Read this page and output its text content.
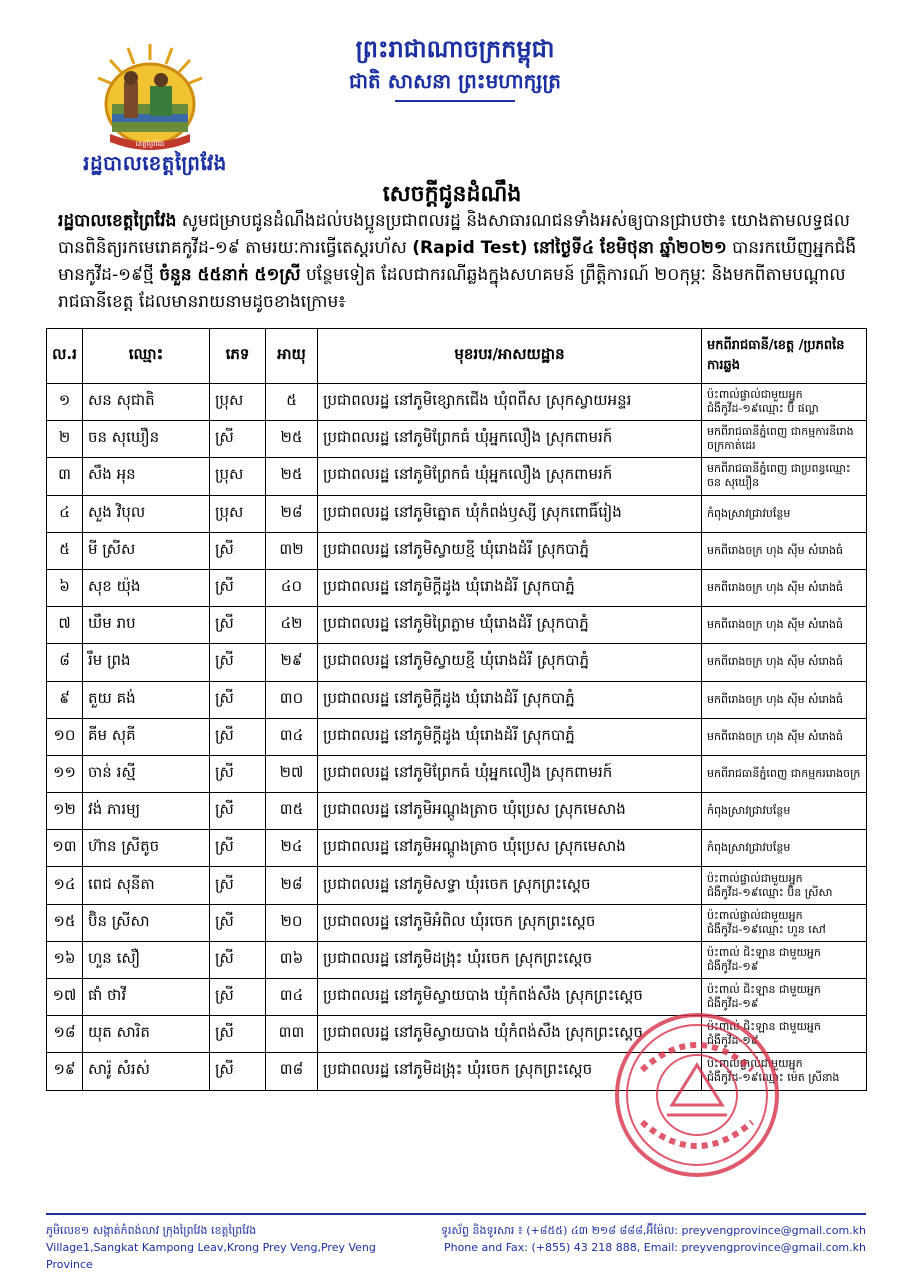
ខេត្តព្រៃវែង
រដ្ឋបាលខេត្តព្រៃវែង
ព្រះរាជាណាចក្រកម្ពុជា
ជាតិ សាសនា ព្រះមហាក្សត្រ
សេចក្ដីជូនដំណឹង
រដ្ឋបាលខេត្តព្រៃវែង សូមជម្រាបជូនដំណឹងដល់បងប្អូនប្រជាពលរដ្ឋ និងសាធារណជនទាំងអស់ឲ្យបានជ្រាបថា៖ យោងតាមលទ្ធផលបានពិនិត្យរកមេរោគកូវីដ-១៩ តាមរយៈការធ្វើតេស្តរហ័ស (Rapid Test) នៅថ្ងៃទី៤ ខែមិថុនា ឆ្នាំ២០២១ បានរកឃើញអ្នកជំងឺមានកូវីដ-១៩ថ្មី ចំនួន ៥៥នាក់ ៥១ស្រី បន្ថែមទៀត ដែលជាករណីឆ្លងក្នុងសហគមន៍ ព្រឹត្តិការណ៍ ២០កុម្ភៈ និងមកពីតាមបណ្ដាលរាជធានីខេត្ត ដែលមានរាយនាមដូចខាងក្រោម៖
ល.រ	ឈ្មោះ	ភេទ	អាយុ	មុខរបរ/អាសយដ្ឋាន	មកពីរាជធានី/ខេត្ត /ប្រភពនៃការឆ្លង
១	សន សុជាតិ	ប្រុស	៥	ប្រជាពលរដ្ឋ នៅភូមិខ្សោកជើង ឃុំពពឹស ស្រុកស្វាយអន្ទរ	ប៉ះពាល់ផ្ទាល់ជាមួយអ្នកជំងឺកូវីដ-១៩ឈ្មោះ ប៊ី ផល្លា
២	ចន សុឃឿន	ស្រី	២៥	ប្រជាពលរដ្ឋ នៅភូមិព្រែកធំ ឃុំអ្នកលឿង ស្រុកពាមរក៍	មកពីរាជធានីភ្នំពេញ ជាកម្មការនីរោងចក្រកាត់ដេរ
៣	សឹង អុន	ប្រុស	២៥	ប្រជាពលរដ្ឋ នៅភូមិព្រែកធំ ឃុំអ្នកលឿង ស្រុកពាមរក៍	មកពីរាជធានីភ្នំពេញ ជាប្រពន្ធឈ្មោះ ចន សុឃឿន
៤	សួង វិបុល	ប្រុស	២៨	ប្រជាពលរដ្ឋ នៅភូមិត្នោត ឃុំកំពង់ឫស្សី ស្រុកពោធិ៍រៀង	កំពុងស្រាវជ្រាវបន្ថែម
៥	មី ស្រីស	ស្រី	៣២	ប្រជាពលរដ្ឋ នៅភូមិស្វាយខ្មី ឃុំរោងដំរី ស្រុកបាភ្នំ	មកពីរោងចក្រ ហុង ស៊ីម សំរោងធំ
៦	សុខ យ៉ុង	ស្រី	៤០	ប្រជាពលរដ្ឋ នៅភូមិក្ដីដូង ឃុំរោងដំរី ស្រុកបាភ្នំ	មកពីរោងចក្រ ហុង ស៊ីម សំរោងធំ
៧	ឃឹម រាប	ស្រី	៤២	ប្រជាពលរដ្ឋ នៅភូមិព្រៃភ្លាម ឃុំរោងដំរី ស្រុកបាភ្នំ	មកពីរោងចក្រ ហុង ស៊ីម សំរោងធំ
៨	រឹម ព្រង	ស្រី	២៩	ប្រជាពលរដ្ឋ នៅភូមិស្វាយខ្មី ឃុំរោងដំរី ស្រុកបាភ្នំ	មកពីរោងចក្រ ហុង ស៊ីម សំរោងធំ
៩	តួយ គង់	ស្រី	៣០	ប្រជាពលរដ្ឋ នៅភូមិក្ដីដូង ឃុំរោងដំរី ស្រុកបាភ្នំ	មកពីរោងចក្រ ហុង ស៊ីម សំរោងធំ
១០	គីម សុគី	ស្រី	៣៤	ប្រជាពលរដ្ឋ នៅភូមិក្ដីដូង ឃុំរោងដំរី ស្រុកបាភ្នំ	មកពីរោងចក្រ ហុង ស៊ីម សំរោងធំ
១១	ចាន់ រស្មី	ស្រី	២៧	ប្រជាពលរដ្ឋ នៅភូមិព្រែកធំ ឃុំអ្នកលឿង ស្រុកពាមរក៍	មកពីរាជធានីភ្នំពេញ ជាកម្មកររោងចក្រ
១២	វង់ ភារម្យ	ស្រី	៣៥	ប្រជាពលរដ្ឋ នៅភូមិអណ្ដូងត្រាច ឃុំប្រេស ស្រុកមេសាង	កំពុងស្រាវជ្រាវបន្ថែម
១៣	ហ៊ាន ស្រីតូច	ស្រី	២៤	ប្រជាពលរដ្ឋ នៅភូមិអណ្ដូងត្រាច ឃុំប្រេស ស្រុកមេសាង	កំពុងស្រាវជ្រាវបន្ថែម
១៤	ពេជ សុនីតា	ស្រី	២៨	ប្រជាពលរដ្ឋ នៅភូមិសទ្វា ឃុំរចេក ស្រុកព្រះស្ដេច	ប៉ះពាល់ផ្ទាល់ជាមួយអ្នកជំងឺកូវីដ-១៩ឈ្មោះ ប៊ិន ស្រីសា
១៥	ប៊ិន ស្រីសា	ស្រី	២០	ប្រជាពលរដ្ឋ នៅភូមិអំពិល ឃុំរចេក ស្រុកព្រះស្ដេច	ប៉ះពាល់ផ្ទាល់ជាមួយអ្នកជំងឺកូវីដ-១៩ឈ្មោះ ហួន សៅ
១៦	ហួន សឿ	ស្រី	៣៦	ប្រជាពលរដ្ឋ នៅភូមិដង្រុះ ឃុំរចេក ស្រុកព្រះស្ដេច	ប៉ះពាល់ ជិះឡាន ជាមួយអ្នកជំងឺកូវីដ-១៩
១៧	ផាំ ថាវី	ស្រី	៣៤	ប្រជាពលរដ្ឋ នៅភូមិស្វាយបាង ឃុំកំពង់សឹង ស្រុកព្រះស្ដេច	ប៉ះពាល់ ជិះឡាន ជាមួយអ្នកជំងឺកូវីដ-១៩
១៨	យុត សារិត	ស្រី	៣៣	ប្រជាពលរដ្ឋ នៅភូមិស្វាយបាង ឃុំកំពង់សឹង ស្រុកព្រះស្ដេច	ប៉ះពាល់ ជិះឡាន ជាមួយអ្នកជំងឺកូវីដ-១៩
១៩	សារ៉ូ សំរស់	ស្រី	៣៨	ប្រជាពលរដ្ឋ នៅភូមិដង្រុះ ឃុំរចេក ស្រុកព្រះស្ដេច	ប៉ះពាល់ផ្ទាល់ជាមួយអ្នកជំងឺកូវីដ-១៩ឈ្មោះ ម៉េត ស្រីនាង
ភូមិលេខ១ សង្កាត់កំពង់លាវ ក្រុងព្រៃវែង ខេត្តព្រៃវែង
Village1,Sangkat Kampong Leav,Krong Prey Veng,Prey Veng Province
ទូរស័ព្ទ និងទូរសារ ៖ (+៨៥៥) ៤៣ ២១៨ ៨៨៨,អ៊ីម៉ែល: preyvengprovince@gmail.com.kh
Phone and Fax: (+855) 43 218 888, Email: preyvengprovince@gmail.com.kh
